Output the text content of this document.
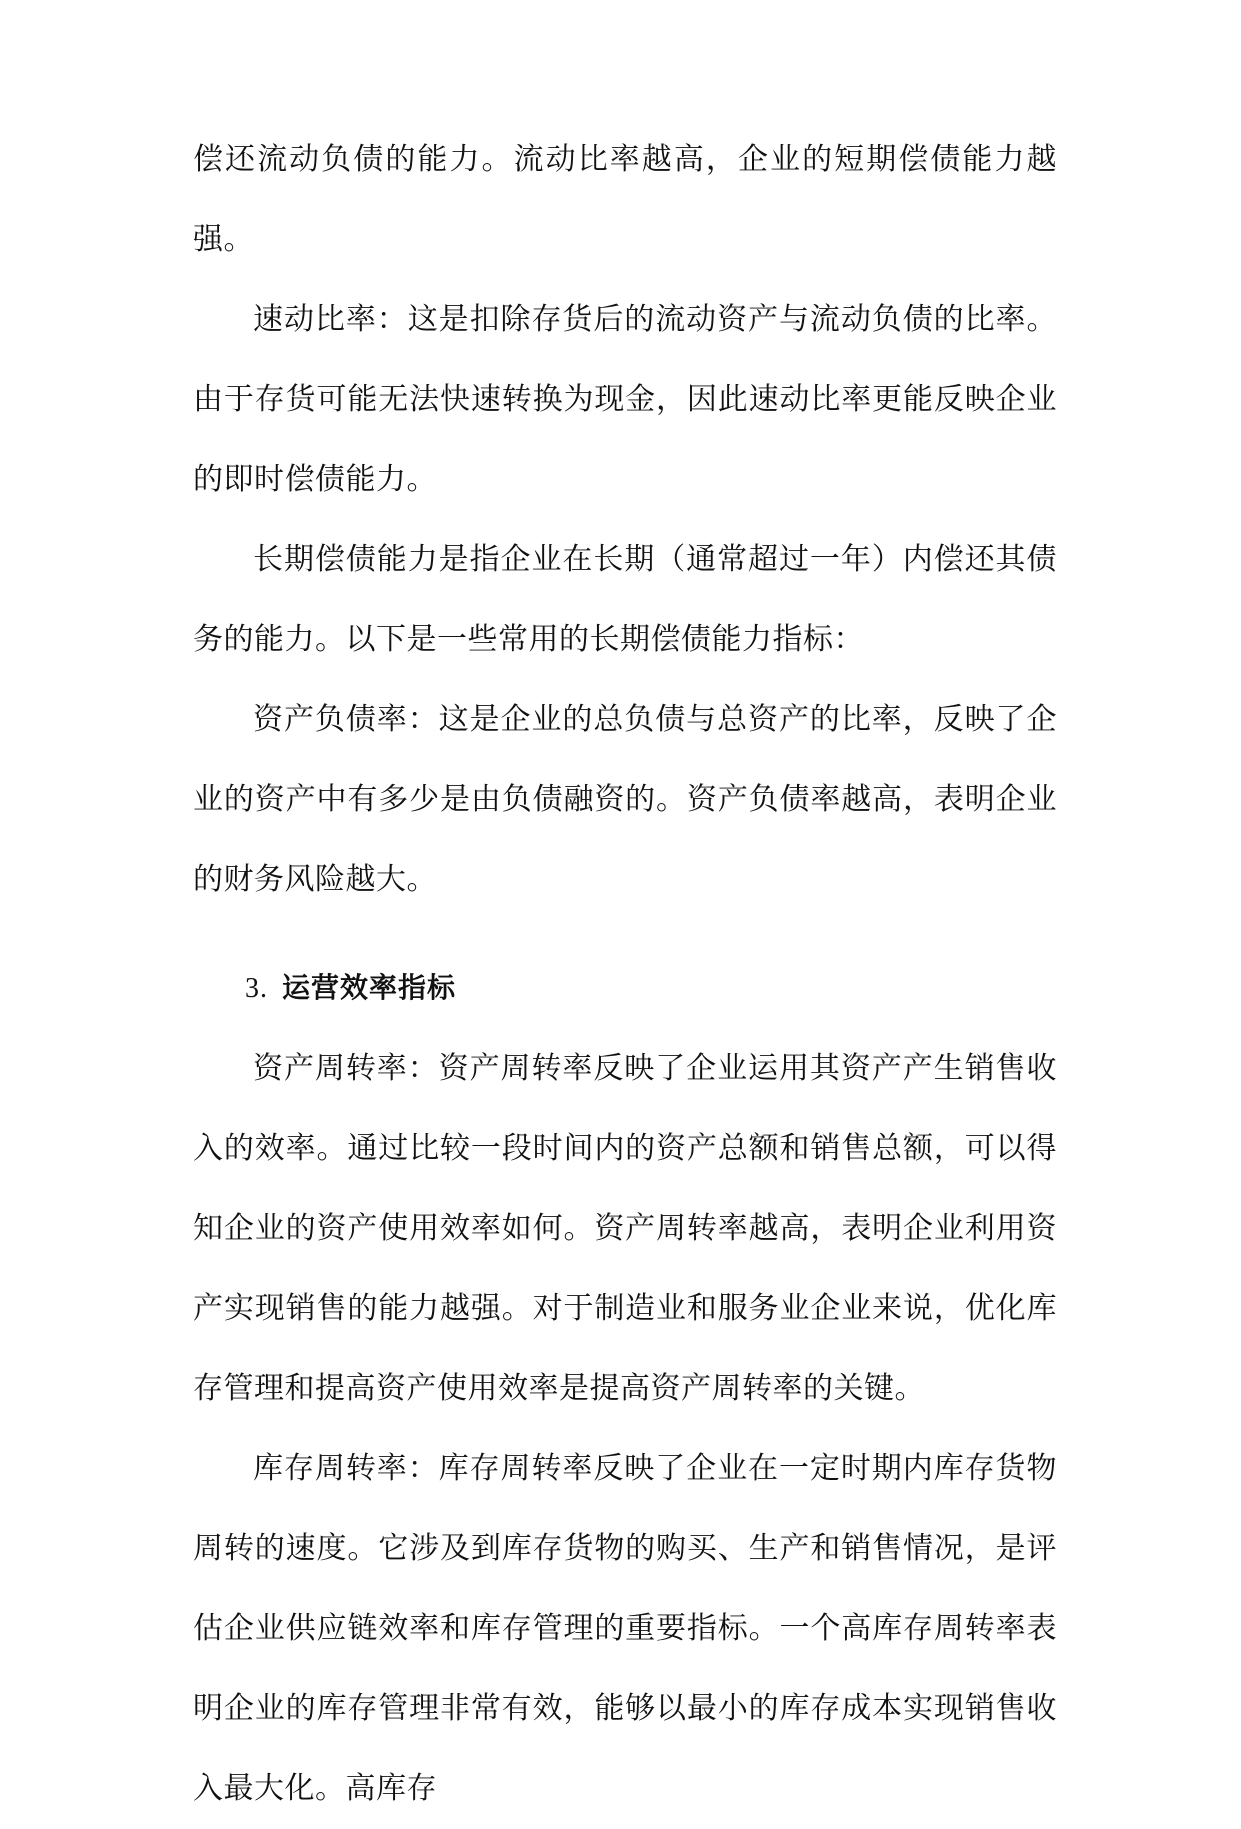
偿还流动负债的能力。流动比率越高，企业的短期偿债能力越强。

速动比率：这是扣除存货后的流动资产与流动负债的比率。由于存货可能无法快速转换为现金，因此速动比率更能反映企业的即时偿债能力。

长期偿债能力是指企业在长期（通常超过一年）内偿还其债务的能力。以下是一些常用的长期偿债能力指标：

资产负债率：这是企业的总负债与总资产的比率，反映了企业的资产中有多少是由负债融资的。资产负债率越高，表明企业的财务风险越大。

3. 运营效率指标

资产周转率：资产周转率反映了企业运用其资产产生销售收入的效率。通过比较一段时间内的资产总额和销售总额，可以得知企业的资产使用效率如何。资产周转率越高，表明企业利用资产实现销售的能力越强。对于制造业和服务业企业来说，优化库存管理和提高资产使用效率是提高资产周转率的关键。

库存周转率：库存周转率反映了企业在一定时期内库存货物周转的速度。它涉及到库存货物的购买、生产和销售情况，是评估企业供应链效率和库存管理的重要指标。一个高库存周转率表明企业的库存管理非常有效，能够以最小的库存成本实现销售收入最大化。高库存
